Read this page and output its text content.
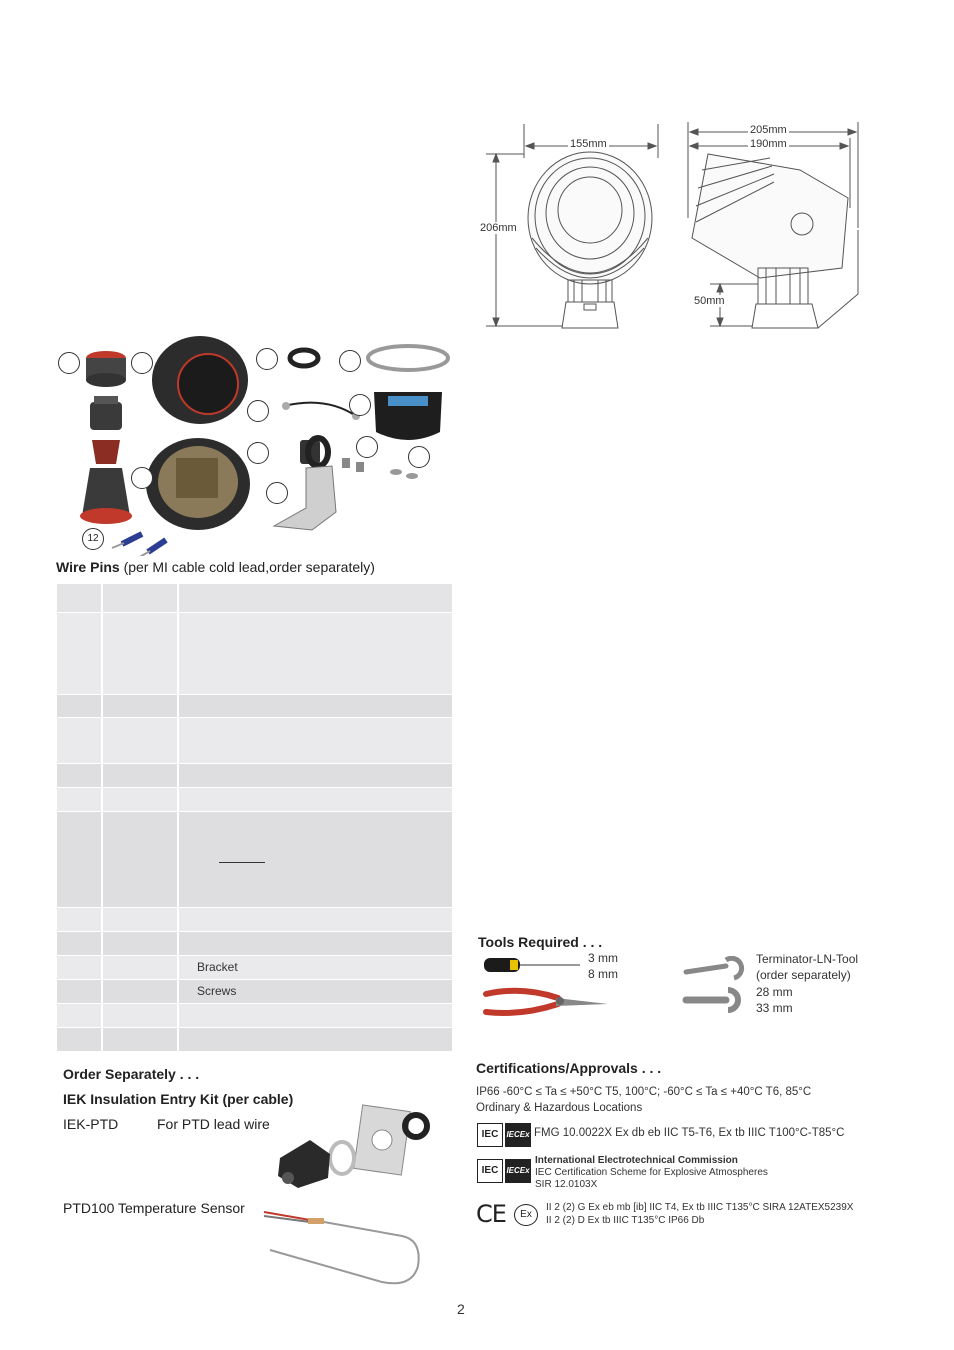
155mm
206mm
205mm
190mm
50mm
12
Wire Pins (per MI cable cold lead,order separately)

		Bracket
		Screws

Order Separately . . .
IEK Insulation Entry Kit (per cable)
IEK-PTD	For PTD lead wire
PTD100 Temperature Sensor
Tools Required . . .
3 mm
8 mm
Terminator-LN-Tool
(order separately)
28 mm
33 mm
Certifications/Approvals . . .
IP66 -60°C ≤ Ta ≤ +50°C T5, 100°C; -60°C ≤ Ta ≤ +40°C T6, 85°C
Ordinary & Hazardous Locations
IEC	IECEx FMG 10.0022X Ex db eb IIC T5-T6, Ex tb IIIC T100°C-T85°C
IEC	IECEx
International Electrotechnical Commission
IEC Certification Scheme for Explosive Atmospheres
SIR 12.0103X
CE	Ex
II 2 (2) G Ex eb mb [ib] IIC T4, Ex tb IIIC T135°C SIRA 12ATEX5239X
II 2 (2) D Ex tb IIIC T135°C IP66 Db
2
